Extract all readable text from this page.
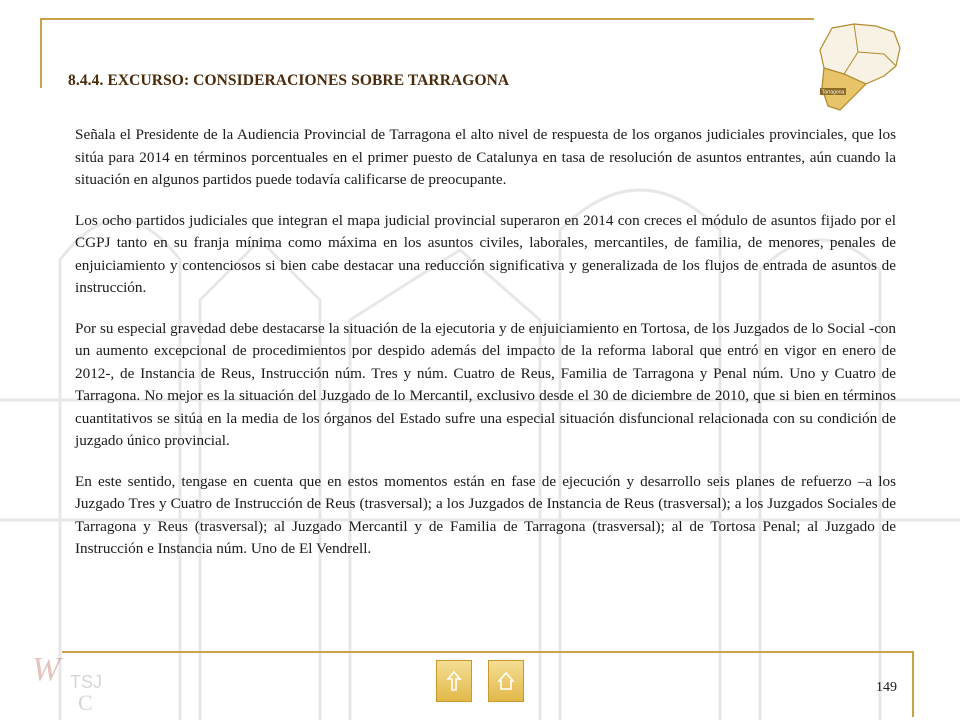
8.4.4. EXCURSO: CONSIDERACIONES SOBRE TARRAGONA
Tarragona

Señala el Presidente de la Audiencia Provincial de Tarragona el alto nivel de respuesta de los organos judiciales provinciales, que los sitúa para 2014 en términos porcentuales en el primer puesto de Catalunya en tasa de resolución de asuntos entrantes, aún cuando la situación en algunos partidos puede todavía calificarse de preocupante.

Los ocho partidos judiciales que integran el mapa judicial provincial superaron en 2014 con creces el módulo de asuntos fijado por el CGPJ tanto en su franja mínima como máxima en los asuntos civiles, laborales, mercantiles, de familia, de menores, penales de enjuiciamiento y contenciosos si bien cabe destacar una reducción significativa y generalizada de los flujos de entrada de asuntos de instrucción.

Por su especial gravedad debe destacarse la situación de la ejecutoria y de enjuiciamiento en Tortosa, de los Juzgados de lo Social -con un aumento excepcional de procedimientos por despido además del impacto de la reforma laboral que entró en vigor en enero de 2012-, de Instancia de Reus, Instrucción núm. Tres y núm. Cuatro de Reus, Familia de Tarragona y Penal núm. Uno y Cuatro de Tarragona. No mejor es la situación del Juzgado de lo Mercantil, exclusivo desde el 30 de diciembre de 2010, que si bien en términos cuantitativos se sitúa en la media de los órganos del Estado sufre una especial situación disfuncional relacionada con su condición de juzgado único provincial.

En este sentido, tengase en cuenta que en estos momentos están en fase de ejecución y desarrollo seis planes de refuerzo –a los Juzgado Tres y Cuatro de Instrucción de Reus (trasversal); a los Juzgados de Instancia de Reus (trasversal); a los Juzgados Sociales de Tarragona y Reus (trasversal); al Juzgado Mercantil y de Familia de Tarragona (trasversal); al de Tortosa Penal; al Juzgado de Instrucción e Instancia núm. Uno de El Vendrell.

W TSJ
C
149
